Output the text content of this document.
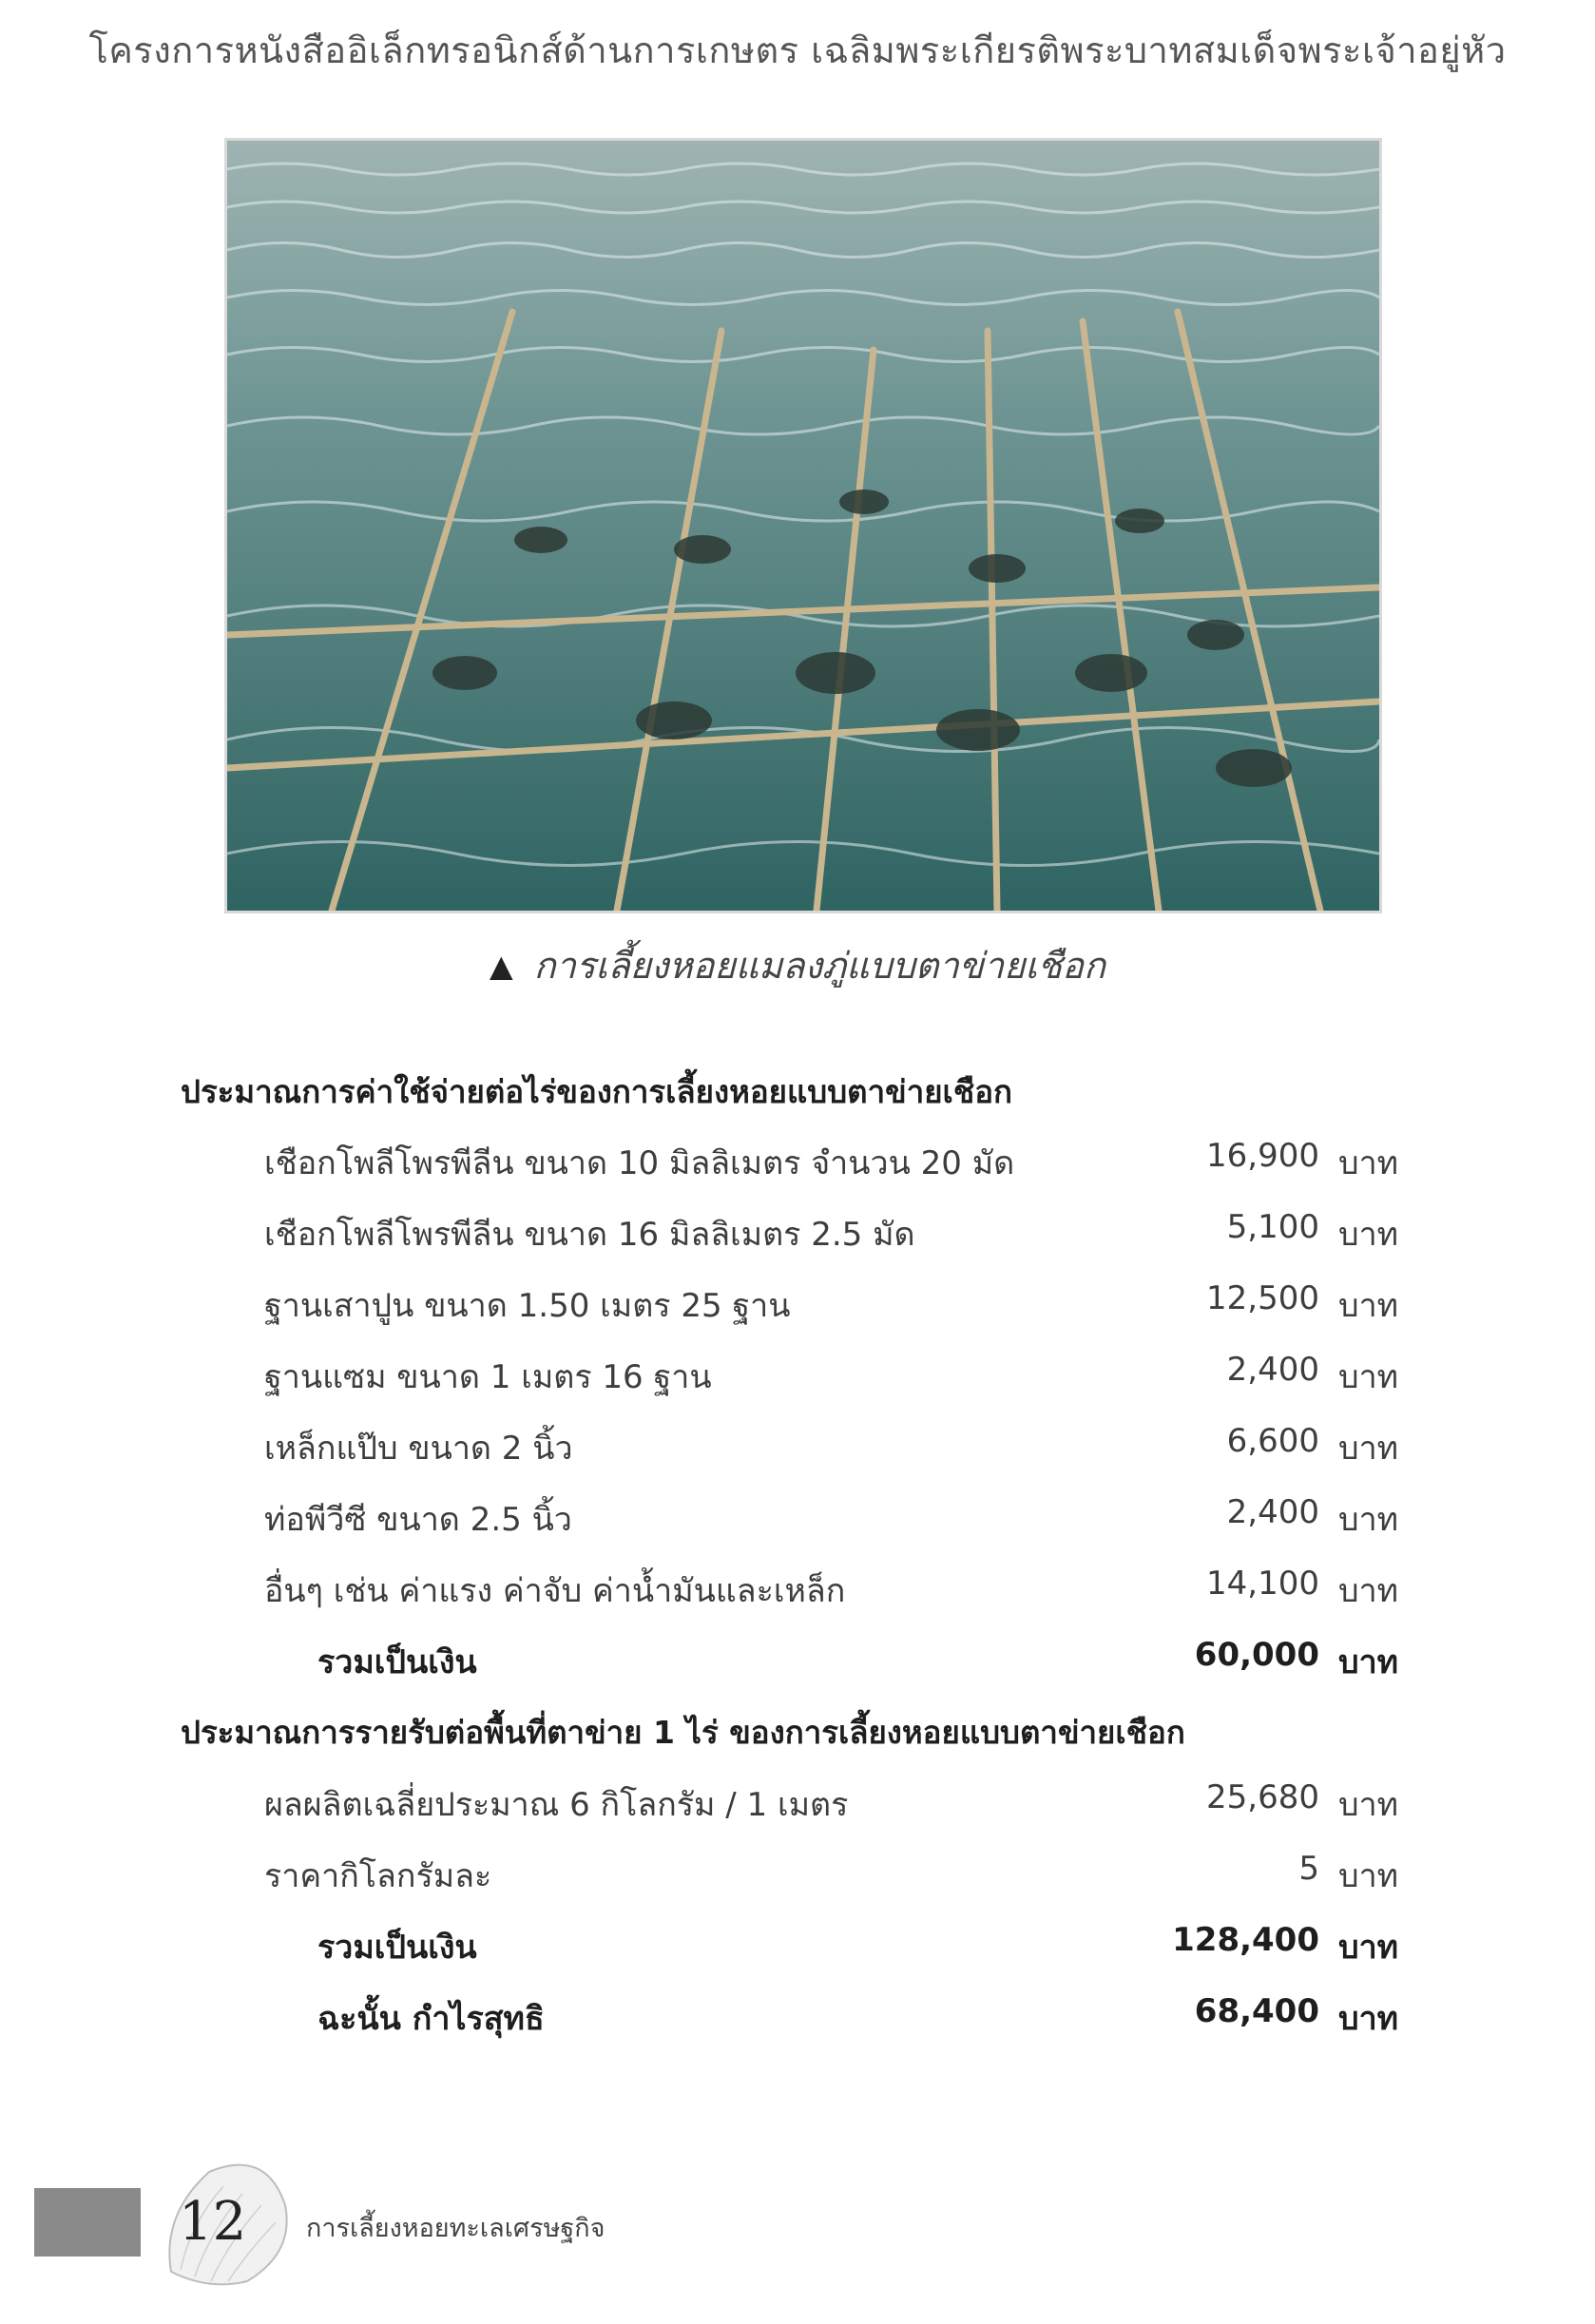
โครงการหนังสืออิเล็กทรอนิกส์ด้านการเกษตร เฉลิมพระเกียรติพระบาทสมเด็จพระเจ้าอยู่หัว
▲ การเลี้ยงหอยแมลงภู่แบบตาข่ายเชือก
ประมาณการค่าใช้จ่ายต่อไร่ของการเลี้ยงหอยแบบตาข่ายเชือก
เชือกโพลีโพรพีลีน ขนาด 10 มิลลิเมตร จำนวน 20 มัด	16,900 บาท
เชือกโพลีโพรพีลีน ขนาด 16 มิลลิเมตร 2.5 มัด	5,100 บาท
ฐานเสาปูน ขนาด 1.50 เมตร 25 ฐาน	12,500 บาท
ฐานแซม ขนาด 1 เมตร 16 ฐาน	2,400 บาท
เหล็กแป๊บ ขนาด 2 นิ้ว	6,600 บาท
ท่อพีวีซี ขนาด 2.5 นิ้ว	2,400 บาท
อื่นๆ เช่น ค่าแรง ค่าจับ ค่าน้ำมันและเหล็ก	14,100 บาท
รวมเป็นเงิน	60,000 บาท
ประมาณการรายรับต่อพื้นที่ตาข่าย 1 ไร่ ของการเลี้ยงหอยแบบตาข่ายเชือก
ผลผลิตเฉลี่ยประมาณ 6 กิโลกรัม / 1 เมตร	25,680 บาท
ราคากิโลกรัมละ	5 บาท
รวมเป็นเงิน	128,400 บาท
ฉะนั้น กำไรสุทธิ	68,400 บาท
12 การเลี้ยงหอยทะเลเศรษฐกิจ
